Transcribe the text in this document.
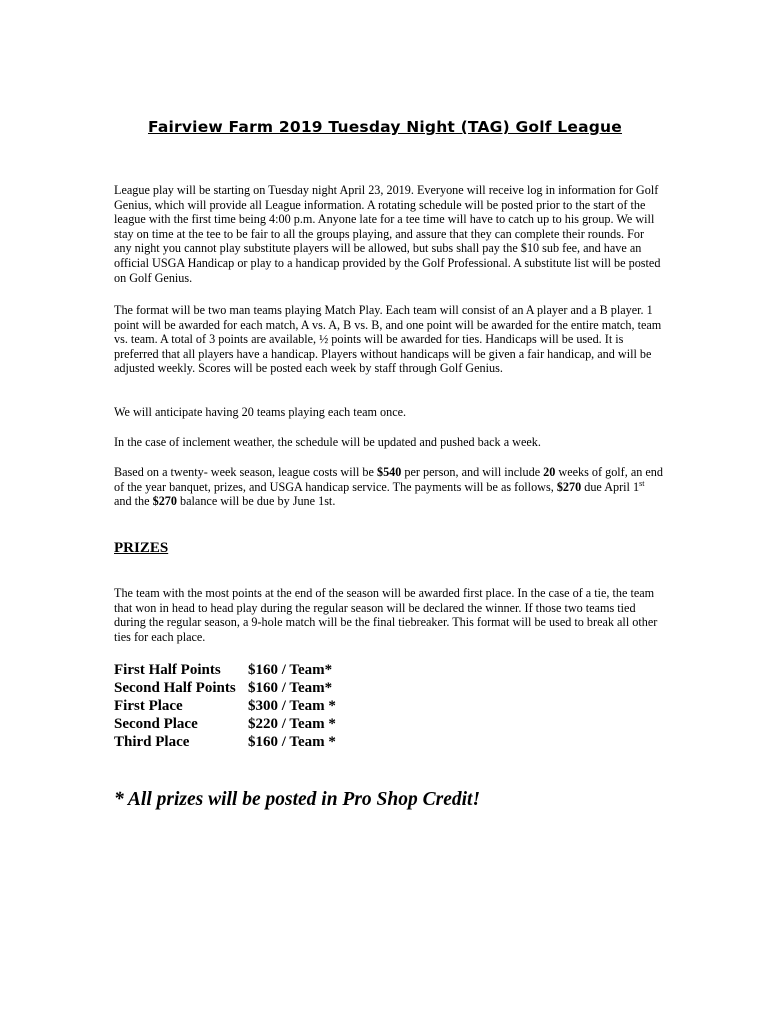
Fairview Farm 2019 Tuesday Night (TAG) Golf League

League play will be starting on Tuesday night April 23, 2019. Everyone will receive log in information for Golf Genius, which will provide all League information. A rotating schedule will be posted prior to the start of the league with the first time being 4:00 p.m. Anyone late for a tee time will have to catch up to his group. We will stay on time at the tee to be fair to all the groups playing, and assure that they can complete their rounds. For any night you cannot play substitute players will be allowed, but subs shall pay the $10 sub fee, and have an official USGA Handicap or play to a handicap provided by the Golf Professional. A substitute list will be posted on Golf Genius.

The format will be two man teams playing Match Play. Each team will consist of an A player and a B player. 1 point will be awarded for each match, A vs. A, B vs. B, and one point will be awarded for the entire match, team vs. team. A total of 3 points are available, ½ points will be awarded for ties. Handicaps will be used. It is preferred that all players have a handicap. Players without handicaps will be given a fair handicap, and will be adjusted weekly. Scores will be posted each week by staff through Golf Genius.

We will anticipate having 20 teams playing each team once.

In the case of inclement weather, the schedule will be updated and pushed back a week.

Based on a twenty- week season, league costs will be $540 per person, and will include 20 weeks of golf, an end of the year banquet, prizes, and USGA handicap service. The payments will be as follows, $270 due April 1st and the $270 balance will be due by June 1st.

PRIZES

The team with the most points at the end of the season will be awarded first place. In the case of a tie, the team that won in head to head play during the regular season will be declared the winner. If those two teams tied during the regular season, a 9-hole match will be the final tiebreaker. This format will be used to break all other ties for each place.

First Half Points	$160 / Team*
Second Half Points	$160 / Team*
First Place	$300 / Team *
Second Place	$220 / Team *
Third Place	$160 / Team *

* All prizes will be posted in Pro Shop Credit!
